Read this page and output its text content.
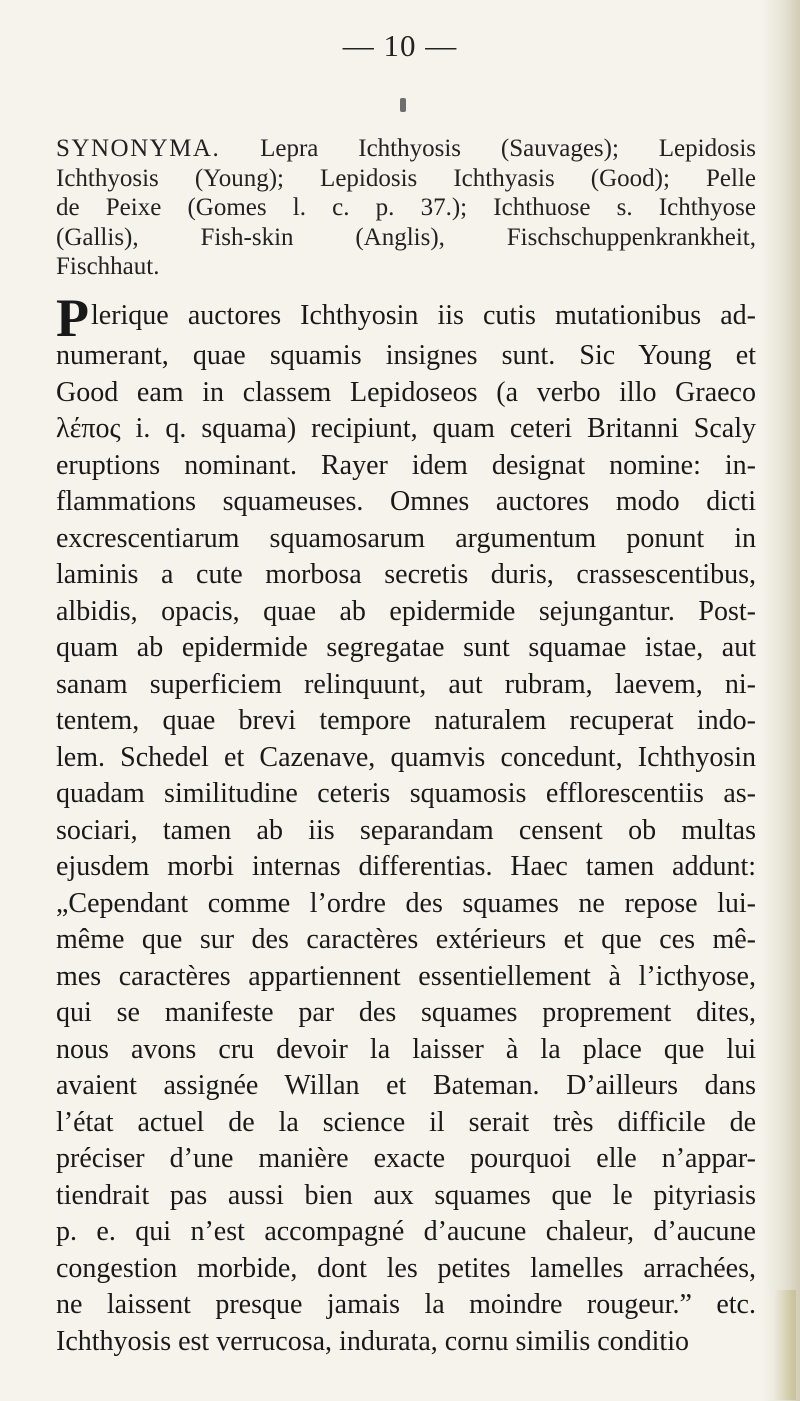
— 10 —
SYNONYMA. Lepra Ichthyosis (Sauvages); Lepidosis
Ichthyosis (Young); Lepidosis Ichthyasis (Good); Pelle
de Peixe (Gomes l. c. p. 37.); Ichthuose s. Ichthyose
(Gallis), Fish-skin (Anglis), Fischschuppenkrankheit,
Fischhaut.
Plerique auctores Ichthyosin iis cutis mutationibus ad-
numerant, quae squamis insignes sunt. Sic Young et
Good eam in classem Lepidoseos (a verbo illo Graeco
λέπος i. q. squama) recipiunt, quam ceteri Britanni Scaly
eruptions nominant. Rayer idem designat nomine: in-
flammations squameuses. Omnes auctores modo dicti
excrescentiarum squamosarum argumentum ponunt in
laminis a cute morbosa secretis duris, crassescentibus,
albidis, opacis, quae ab epidermide sejungantur. Post-
quam ab epidermide segregatae sunt squamae istae, aut
sanam superficiem relinquunt, aut rubram, laevem, ni-
tentem, quae brevi tempore naturalem recuperat indo-
lem. Schedel et Cazenave, quamvis concedunt, Ichthyosin
quadam similitudine ceteris squamosis efflorescentiis as-
sociari, tamen ab iis separandam censent ob multas
ejusdem morbi internas differentias. Haec tamen addunt:
„Cependant comme l’ordre des squames ne repose lui-
même que sur des caractères extérieurs et que ces mê-
mes caractères appartiennent essentiellement à l’icthyose,
qui se manifeste par des squames proprement dites,
nous avons cru devoir la laisser à la place que lui
avaient assignée Willan et Bateman. D’ailleurs dans
l’état actuel de la science il serait très difficile de
préciser d’une manière exacte pourquoi elle n’appar-
tiendrait pas aussi bien aux squames que le pityriasis
p. e. qui n’est accompagné d’aucune chaleur, d’aucune
congestion morbide, dont les petites lamelles arrachées,
ne laissent presque jamais la moindre rougeur.” etc.
Ichthyosis est verrucosa, indurata, cornu similis conditio
